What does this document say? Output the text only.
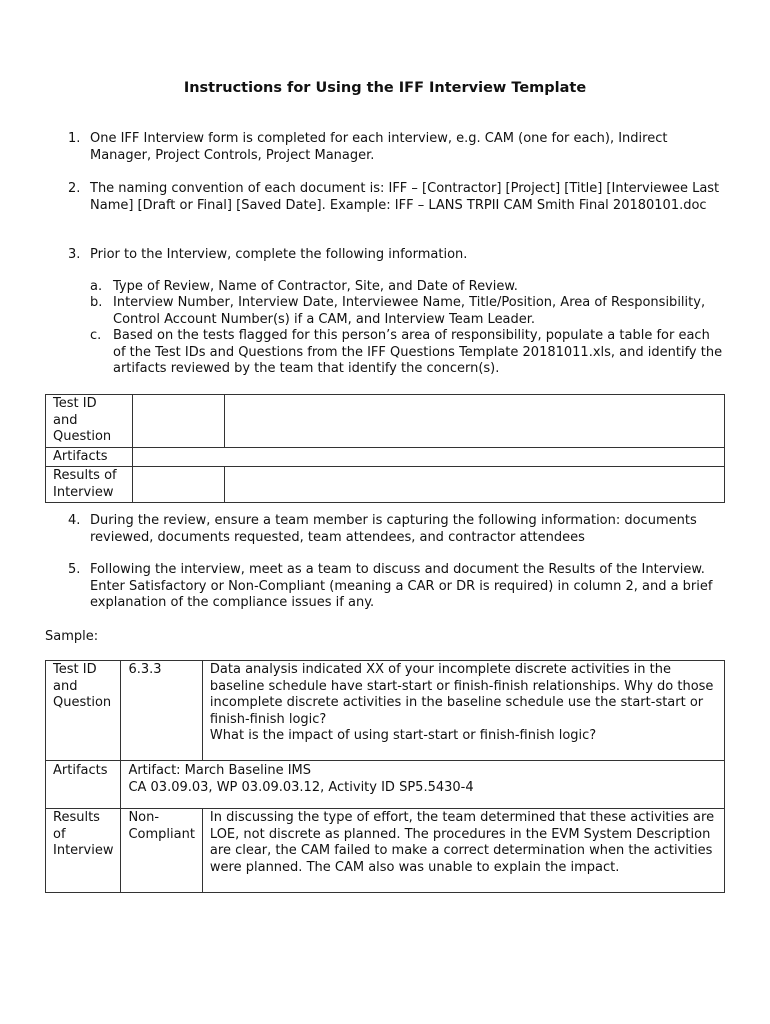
Instructions for Using the IFF Interview Template
1. One IFF Interview form is completed for each interview, e.g. CAM (one for each), Indirect Manager, Project Controls, Project Manager.
2. The naming convention of each document is: IFF – [Contractor] [Project] [Title] [Interviewee Last Name] [Draft or Final] [Saved Date]. Example: IFF – LANS TRPII CAM Smith Final 20180101.doc
3. Prior to the Interview, complete the following information.
a. Type of Review, Name of Contractor, Site, and Date of Review.
b. Interview Number, Interview Date, Interviewee Name, Title/Position, Area of Responsibility, Control Account Number(s) if a CAM, and Interview Team Leader.
c. Based on the tests flagged for this person’s area of responsibility, populate a table for each of the Test IDs and Questions from the IFF Questions Template 20181011.xls, and identify the artifacts reviewed by the team that identify the concern(s).
Test ID and Question		
Artifacts		
Results of Interview		
4. During the review, ensure a team member is capturing the following information: documents reviewed, documents requested, team attendees, and contractor attendees
5. Following the interview, meet as a team to discuss and document the Results of the Interview. Enter Satisfactory or Non-Compliant (meaning a CAR or DR is required) in column 2, and a brief explanation of the compliance issues if any.
Sample:
Test ID and Question	6.3.3	Data analysis indicated XX of your incomplete discrete activities in the baseline schedule have start-start or finish-finish relationships. Why do those incomplete discrete activities in the baseline schedule use the start-start or finish-finish logic?
What is the impact of using start-start or finish-finish logic?

Artifacts	Artifact: March Baseline IMS
CA 03.09.03, WP 03.09.03.12, Activity ID SP5.5430-4	

Results of Interview	Non-Compliant	In discussing the type of effort, the team determined that these activities are LOE, not discrete as planned. The procedures in the EVM System Description are clear, the CAM failed to make a correct determination when the activities were planned. The CAM also was unable to explain the impact.
